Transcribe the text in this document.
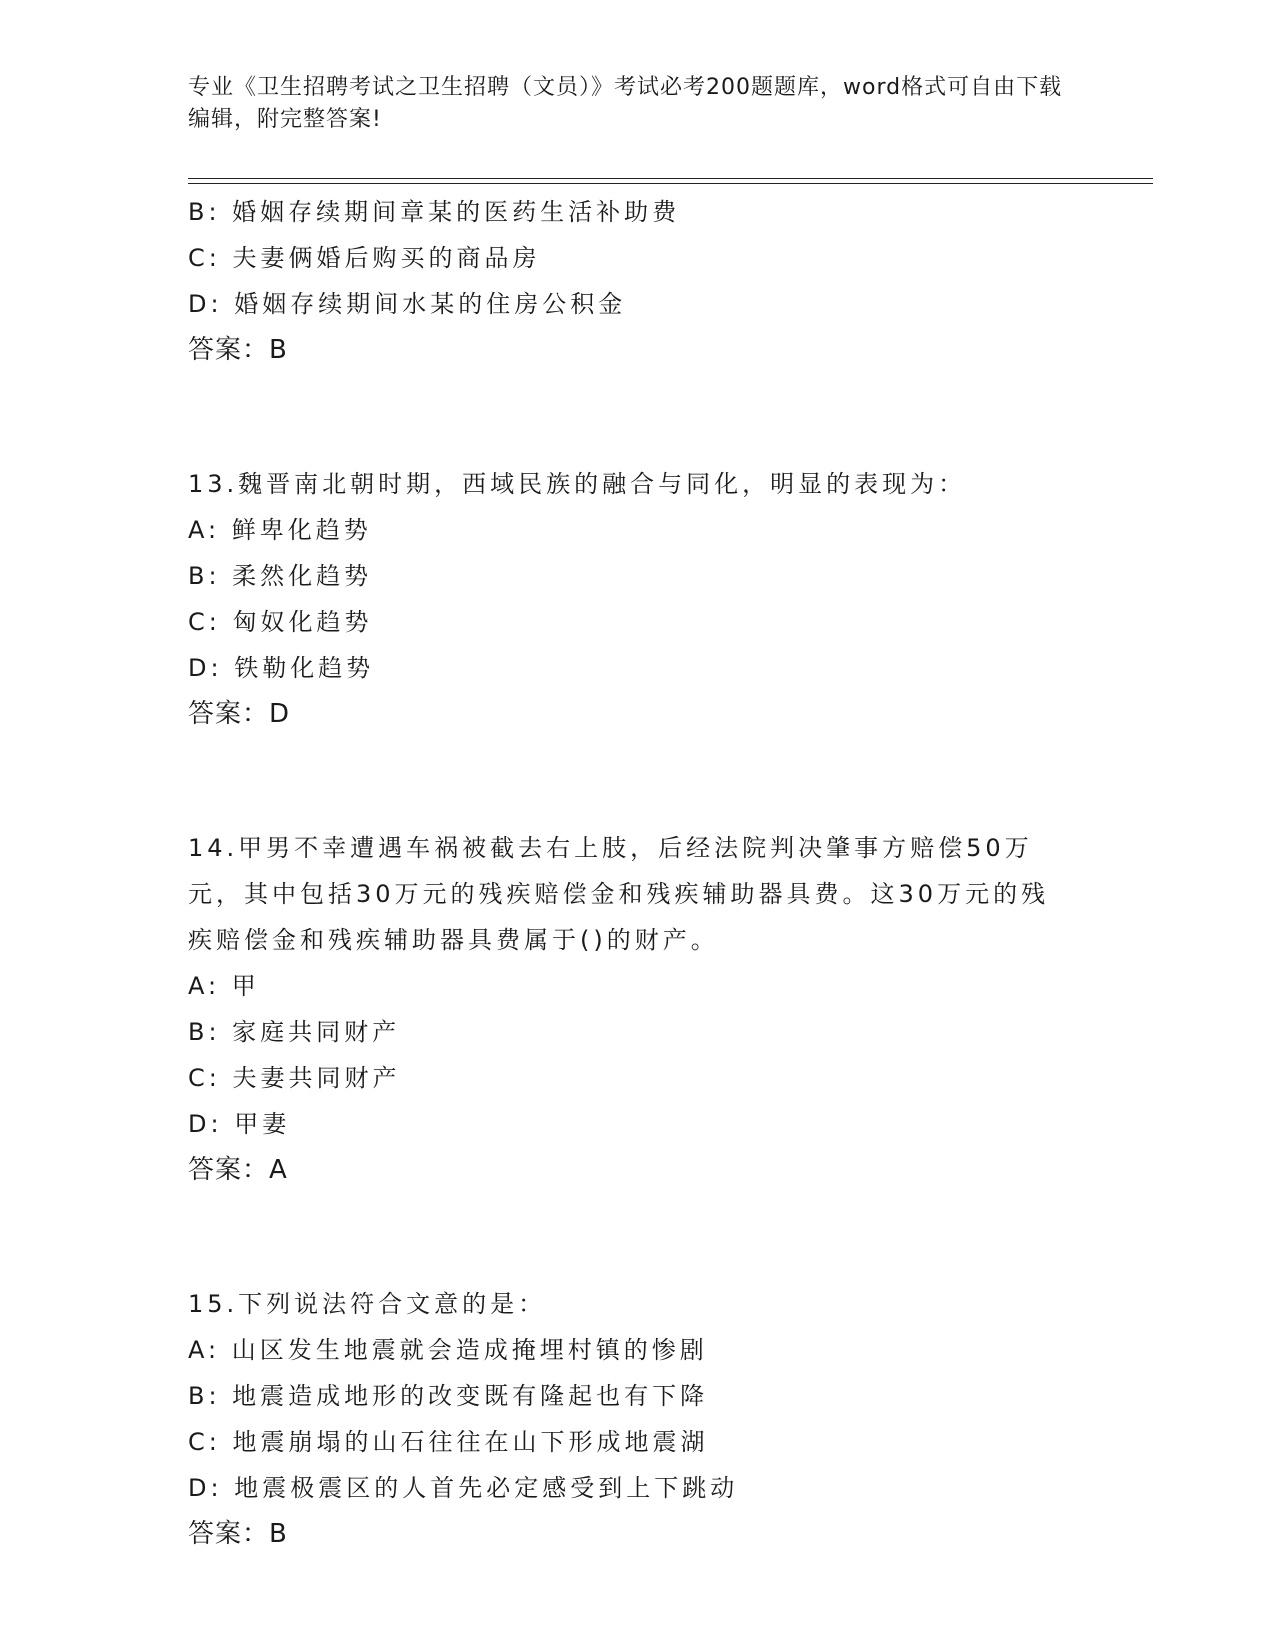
专业《卫生招聘考试之卫生招聘（文员）》考试必考200题题库，word格式可自由下载编辑，附完整答案!
B: 婚姻存续期间章某的医药生活补助费
C: 夫妻俩婚后购买的商品房
D: 婚姻存续期间水某的住房公积金
答案：B
13.魏晋南北朝时期，西域民族的融合与同化，明显的表现为：
A: 鲜卑化趋势
B: 柔然化趋势
C: 匈奴化趋势
D: 铁勒化趋势
答案：D
14.甲男不幸遭遇车祸被截去右上肢，后经法院判决肇事方赔偿50万元，其中包括30万元的残疾赔偿金和残疾辅助器具费。这30万元的残疾赔偿金和残疾辅助器具费属于()的财产。
A: 甲
B: 家庭共同财产
C: 夫妻共同财产
D: 甲妻
答案：A
15.下列说法符合文意的是：
A: 山区发生地震就会造成掩埋村镇的惨剧
B: 地震造成地形的改变既有隆起也有下降
C: 地震崩塌的山石往往在山下形成地震湖
D: 地震极震区的人首先必定感受到上下跳动
答案：B
